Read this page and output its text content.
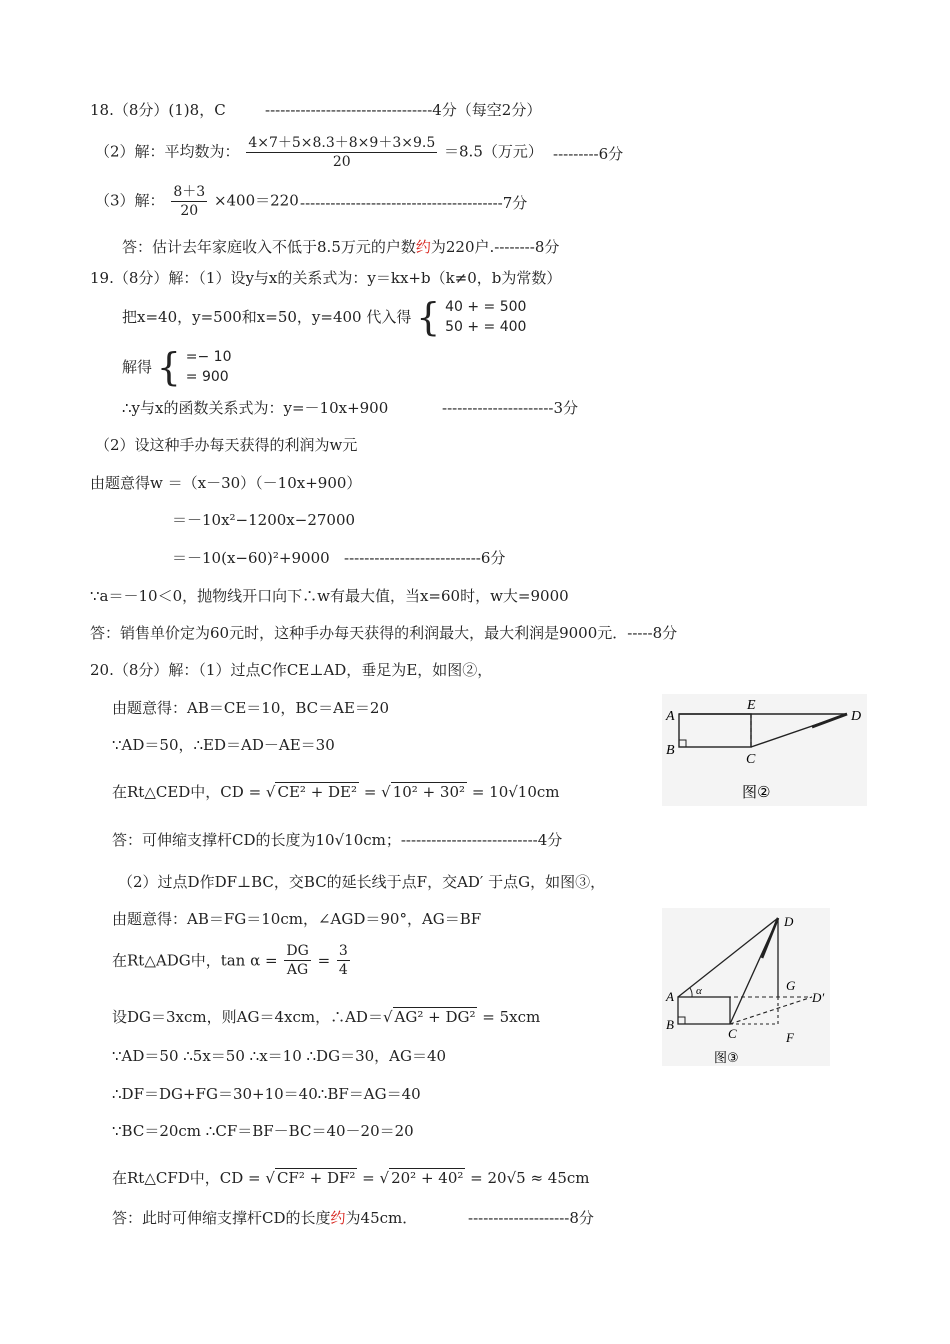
18.（8分）(1)8，C	---------------------------------4分（每空2分）
（2）解：平均数为： $\frac{4\times 7+5\times 8.3+8\times 9+3\times 9.5}{20} =8.5$（万元） ---------6分
（3）解： $\frac{8+3}{20} \times 400=220$ ----------------------------------------7分
答：估计去年家庭收入不低于8.5万元的户数约为220户.--------8分
19.（8分）解：（1）设y与x的关系式为：y＝kx+b（k≠0，b为常数）
把x=40，y=500和x=50，y=400 代入得 { 40 + = 500
50 + = 400
解得 { =− 10
= 900
∴y与x的函数关系式为：y=－10x+900	----------------------3分
（2）设这种手办每天获得的利润为w元
由题意得w ＝（x－30）（－10x+900）
＝－10x²−1200x−27000
＝－10(x−60)²+9000 ---------------------------6分
∵a＝－10＜0，抛物线开口向下∴w有最大值，当x=60时，w大=9000
答：销售单价定为60元时，这种手办每天获得的利润最大，最大利润是9000元．-----8分
20.（8分）解：（1）过点C作CE⊥AD，垂足为E，如图②，
由题意得：AB＝CE＝10，BC＝AE＝20
∵AD＝50，∴ED＝AD－AE＝30
在Rt△CED中，CD = √ CE² + DE² = √ 10² + 30² = 10√10cm
答：可伸缩支撑杆CD的长度为10√10cm；---------------------------4分
（2）过点D作DF⊥BC，交BC的延长线于点F，交AD′ 于点G，如图③，
由题意得：AB＝FG＝10cm，∠AGD＝90°，AG＝BF
在Rt△ADG中，$\tan \alpha = \frac{DG}{AG} = \frac{3}{4}$
设DG＝3xcm，则AG＝4xcm，∴AD＝√ AG² + DG² = 5xcm
∵AD＝50 ∴5x＝50 ∴x＝10 ∴DG＝30，AG＝40
∴DF＝DG+FG＝30+10＝40∴BF＝AG＝40
∵BC＝20cm ∴CF＝BF－BC＝40－20＝20
在Rt△CFD中，CD = √ CF² + DF² = √ 20² + 40² = 20√5 ≈ 45cm
答：此时可伸缩支撑杆CD的长度约为45cm．	--------------------8分
A
B
C
D
E
图②
α
A
B
C
D
G
F
D′
图③
